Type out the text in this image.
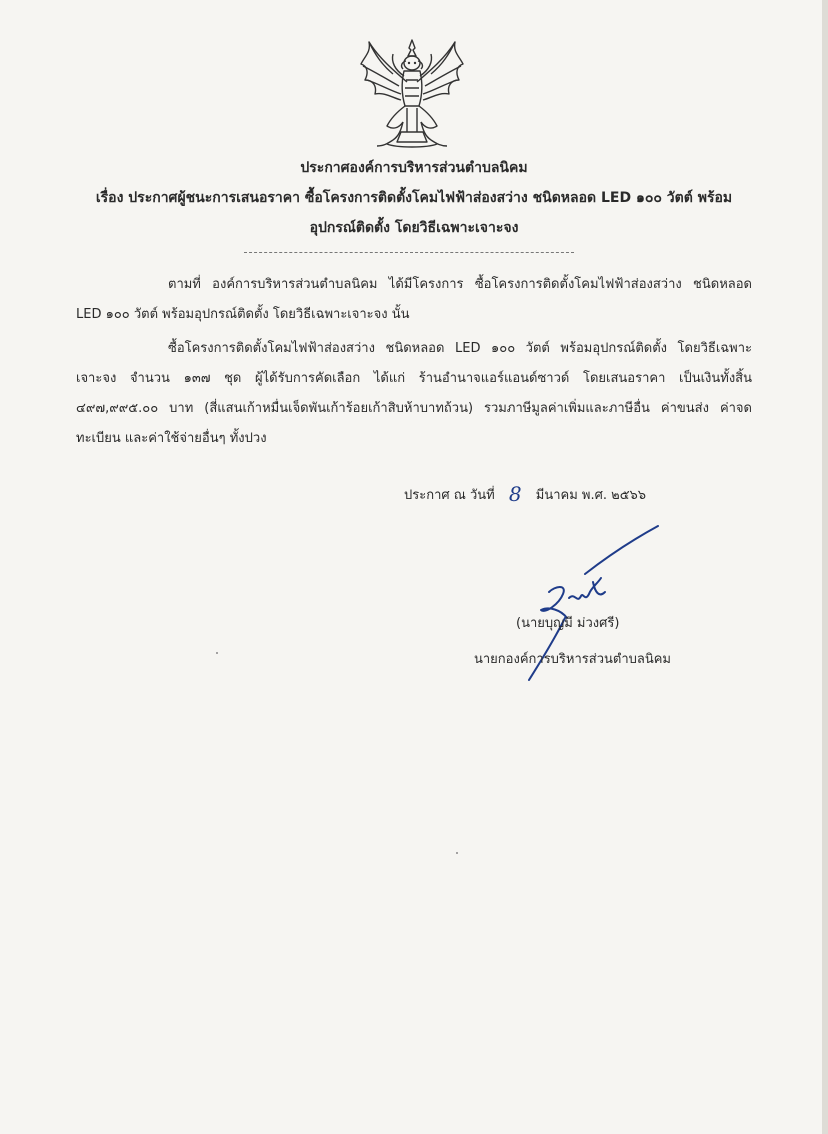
ประกาศองค์การบริหารส่วนตำบลนิคม
เรื่อง ประกาศผู้ชนะการเสนอราคา ซื้อโครงการติดตั้งโคมไฟฟ้าส่องสว่าง ชนิดหลอด LED ๑๐๐ วัตต์ พร้อม
อุปกรณ์ติดตั้ง โดยวิธีเฉพาะเจาะจง
ตามที่ องค์การบริหารส่วนตำบลนิคม ได้มีโครงการ ซื้อโครงการติดตั้งโคมไฟฟ้าส่องสว่าง ชนิดหลอด LED ๑๐๐ วัตต์ พร้อมอุปกรณ์ติดตั้ง โดยวิธีเฉพาะเจาะจง นั้น
ซื้อโครงการติดตั้งโคมไฟฟ้าส่องสว่าง ชนิดหลอด LED ๑๐๐ วัตต์ พร้อมอุปกรณ์ติดตั้ง โดยวิธีเฉพาะเจาะจง จำนวน ๑๓๗ ชุด ผู้ได้รับการคัดเลือก ได้แก่ ร้านอำนาจแอร์แอนด์ซาวด์ โดยเสนอราคา เป็นเงินทั้งสิ้น ๔๙๗,๙๙๕.๐๐ บาท (สี่แสนเก้าหมื่นเจ็ดพันเก้าร้อยเก้าสิบห้าบาทถ้วน) รวมภาษีมูลค่าเพิ่มและภาษีอื่น ค่าขนส่ง ค่าจดทะเบียน และค่าใช้จ่ายอื่นๆ ทั้งปวง
ประกาศ ณ วันที่ 8 มีนาคม พ.ศ. ๒๕๖๖
(นายบุญมี ม่วงศรี)
นายกองค์การบริหารส่วนตำบลนิคม
